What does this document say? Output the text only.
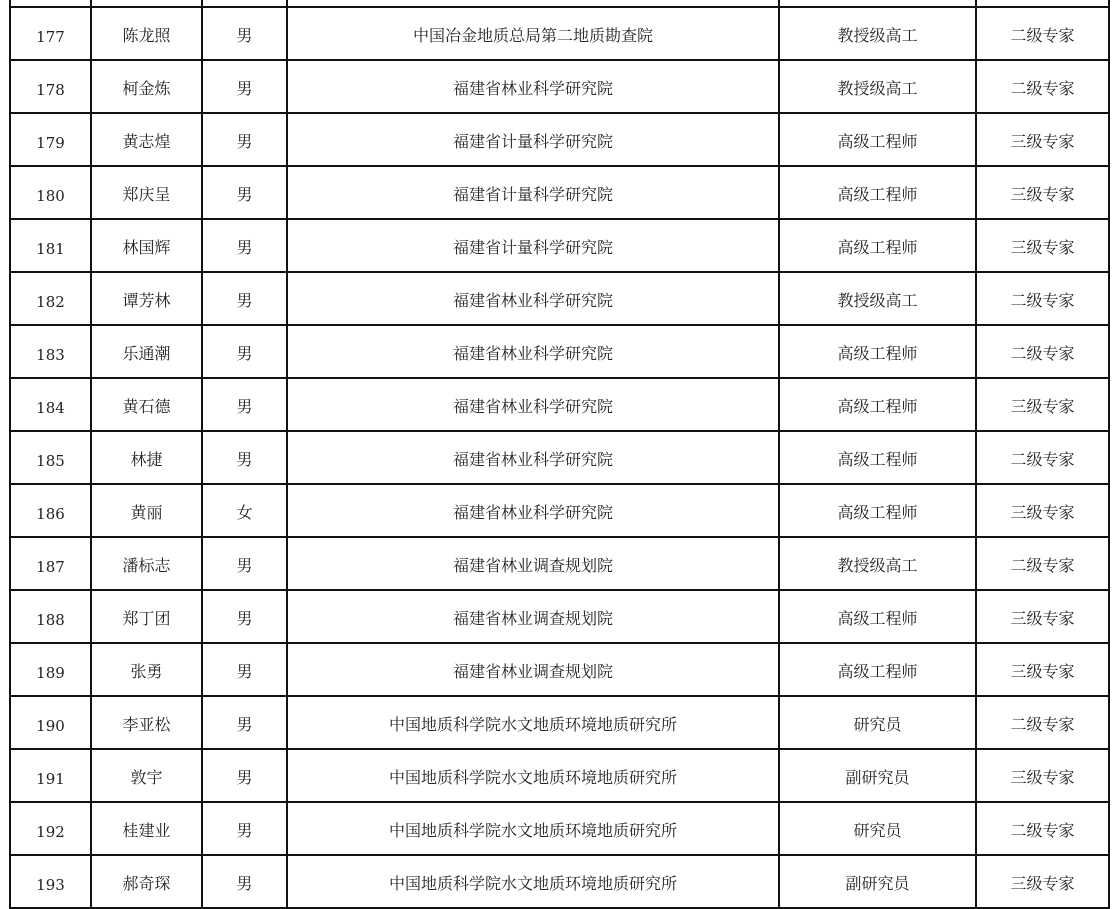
177	陈龙照	男	中国冶金地质总局第二地质勘查院	教授级高工	二级专家
178	柯金炼	男	福建省林业科学研究院	教授级高工	二级专家
179	黄志煌	男	福建省计量科学研究院	高级工程师	三级专家
180	郑庆呈	男	福建省计量科学研究院	高级工程师	三级专家
181	林国辉	男	福建省计量科学研究院	高级工程师	三级专家
182	谭芳林	男	福建省林业科学研究院	教授级高工	二级专家
183	乐通潮	男	福建省林业科学研究院	高级工程师	二级专家
184	黄石德	男	福建省林业科学研究院	高级工程师	三级专家
185	林捷	男	福建省林业科学研究院	高级工程师	二级专家
186	黄丽	女	福建省林业科学研究院	高级工程师	三级专家
187	潘标志	男	福建省林业调查规划院	教授级高工	二级专家
188	郑丁团	男	福建省林业调查规划院	高级工程师	三级专家
189	张勇	男	福建省林业调查规划院	高级工程师	三级专家
190	李亚松	男	中国地质科学院水文地质环境地质研究所	研究员	二级专家
191	敦宇	男	中国地质科学院水文地质环境地质研究所	副研究员	三级专家
192	桂建业	男	中国地质科学院水文地质环境地质研究所	研究员	二级专家
193	郝奇琛	男	中国地质科学院水文地质环境地质研究所	副研究员	三级专家
